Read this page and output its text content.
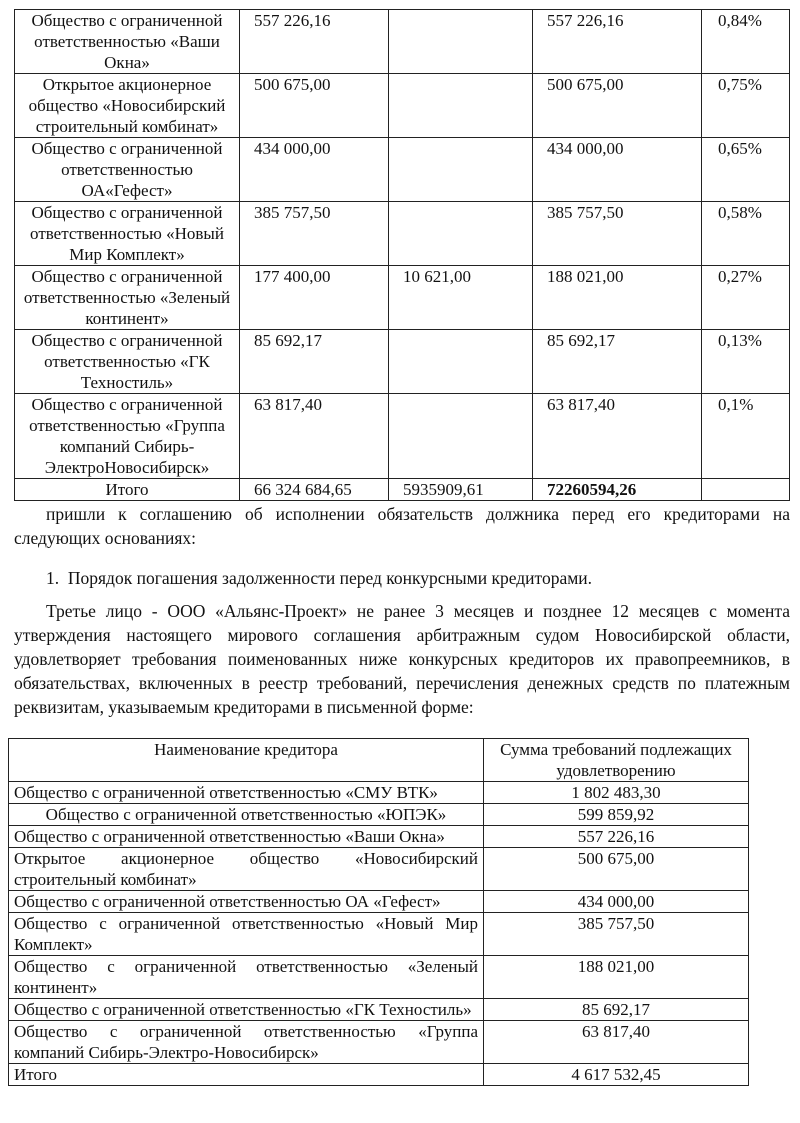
Общество с ограниченной ответственностью «Ваши Окна»	557 226,16		557 226,16	0,84%
Открытое акционерное общество «Новосибирский строительный комбинат»	500 675,00		500 675,00	0,75%
Общество с ограниченной ответственностью ОА«Гефест»	434 000,00		434 000,00	0,65%
Общество с ограниченной ответственностью «Новый Мир Комплект»	385 757,50		385 757,50	0,58%
Общество с ограниченной ответственностью «Зеленый континент»	177 400,00	10 621,00	188 021,00	0,27%
Общество с ограниченной ответственностью «ГК Техностиль»	85 692,17		85 692,17	0,13%
Общество с ограниченной ответственностью «Группа компаний Сибирь-ЭлектроНовосибирск»	63 817,40		63 817,40	0,1%
Итого	66 324 684,65	5935909,61	72260594,26	
пришли к соглашению об исполнении обязательств должника перед его кредиторами на следующих основаниях:
1. Порядок погашения задолженности перед конкурсными кредиторами.
Третье лицо - ООО «Альянс-Проект» не ранее 3 месяцев и позднее 12 месяцев с момента утверждения настоящего мирового соглашения арбитражным судом Новосибирской области, удовлетворяет требования поименованных ниже конкурсных кредиторов их правопреемников, в обязательствах, включенных в реестр требований, перечисления денежных средств по платежным реквизитам, указываемым кредиторами в письменной форме:
Наименование кредитора	Сумма требований подлежащих удовлетворению
Общество с ограниченной ответственностью «СМУ ВТК»	1 802 483,30
Общество с ограниченной ответственностью «ЮПЭК»	599 859,92
Общество с ограниченной ответственностью «Ваши Окна»	557 226,16
Открытое акционерное общество «Новосибирский строительный комбинат»	500 675,00
Общество с ограниченной ответственностью ОА «Гефест»	434 000,00
Общество с ограниченной ответственностью «Новый Мир Комплект»	385 757,50
Общество с ограниченной ответственностью «Зеленый континент»	188 021,00
Общество с ограниченной ответственностью «ГК Техностиль»	85 692,17
Общество с ограниченной ответственностью «Группа компаний Сибирь-Электро-Новосибирск»	63 817,40
Итого	4 617 532,45
